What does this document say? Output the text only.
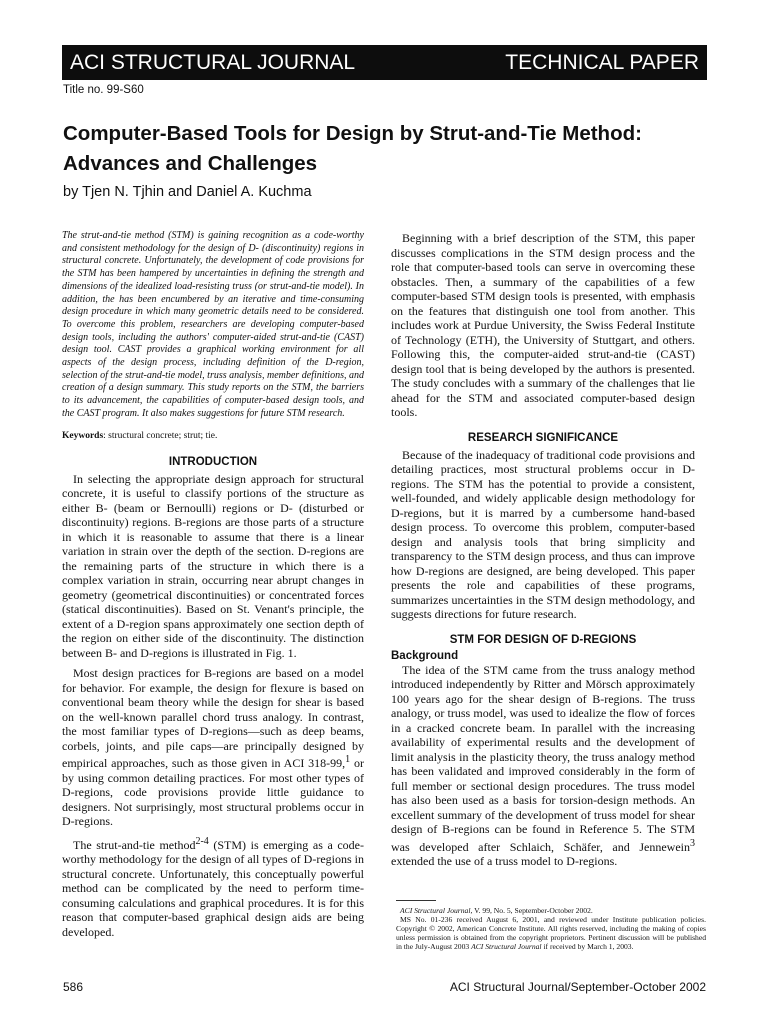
ACI STRUCTURAL JOURNAL	TECHNICAL PAPER
Title no. 99-S60
Computer-Based Tools for Design by Strut-and-Tie Method: Advances and Challenges
by Tjen N. Tjhin and Daniel A. Kuchma

The strut-and-tie method (STM) is gaining recognition as a code-worthy and consistent methodology for the design of D- (discontinuity) regions in structural concrete. Unfortunately, the development of code provisions for the STM has been hampered by uncertainties in defining the strength and dimensions of the idealized load-resisting truss (or strut-and-tie model). In addition, the has been encumbered by an iterative and time-consuming design procedure in which many geometric details need to be considered. To overcome this problem, researchers are developing computer-based design tools, including the authors' computer-aided strut-and-tie (CAST) design tool. CAST provides a graphical working environment for all aspects of the design process, including definition of the D-region, selection of the strut-and-tie model, truss analysis, member definitions, and creation of a design summary. This study reports on the STM, the barriers to its advancement, the capabilities of computer-based design tools, and the CAST program. It also makes suggestions for future STM research.

Keywords: structural concrete; strut; tie.

INTRODUCTION

In selecting the appropriate design approach for structural concrete, it is useful to classify portions of the structure as either B- (beam or Bernoulli) regions or D- (disturbed or discontinuity) regions. B-regions are those parts of a structure in which it is reasonable to assume that there is a linear variation in strain over the depth of the section. D-regions are the remaining parts of the structure in which there is a complex variation in strain, occurring near abrupt changes in geometry (geometrical discontinuities) or concentrated forces (statical discontinuities). Based on St. Venant's principle, the extent of a D-region spans approximately one section depth of the region on either side of the discontinuity. The distinction between B- and D-regions is illustrated in Fig. 1.

Most design practices for B-regions are based on a model for behavior. For example, the design for flexure is based on conventional beam theory while the design for shear is based on the well-known parallel chord truss analogy. In contrast, the most familiar types of D-regions—such as deep beams, corbels, joints, and pile caps—are principally designed by empirical approaches, such as those given in ACI 318-99,$^1$ or by using common detailing practices. For most other types of D-regions, code provisions provide little guidance to designers. Not surprisingly, most structural problems occur in D-regions.

The strut-and-tie method$^{2-4}$ (STM) is emerging as a code-worthy methodology for the design of all types of D-regions in structural concrete. Unfortunately, this conceptually powerful method can be complicated by the need to perform time-consuming calculations and graphical procedures. It is for this reason that computer-based graphical design aids are being developed.

Beginning with a brief description of the STM, this paper discusses complications in the STM design process and the role that computer-based tools can serve in overcoming these obstacles. Then, a summary of the capabilities of a few computer-based STM design tools is presented, with emphasis on the features that distinguish one tool from another. This includes work at Purdue University, the Swiss Federal Institute of Technology (ETH), the University of Stuttgart, and others. Following this, the computer-aided strut-and-tie (CAST) design tool that is being developed by the authors is presented. The study concludes with a summary of the challenges that lie ahead for the STM and associated computer-based design tools.

RESEARCH SIGNIFICANCE

Because of the inadequacy of traditional code provisions and detailing practices, most structural problems occur in D-regions. The STM has the potential to provide a consistent, well-founded, and widely applicable design methodology for D-regions, but it is marred by a cumbersome hand-based design process. To overcome this problem, computer-based design and analysis tools that bring simplicity and transparency to the STM design process, and thus can improve how D-regions are designed, are being developed. This paper presents the role and capabilities of these programs, summarizes uncertainties in the STM design methodology, and suggests directions for future research.

STM FOR DESIGN OF D-REGIONS
Background

The idea of the STM came from the truss analogy method introduced independently by Ritter and Mörsch approximately 100 years ago for the shear design of B-regions. The truss analogy, or truss model, was used to idealize the flow of forces in a cracked concrete beam. In parallel with the increasing availability of experimental results and the development of limit analysis in the plasticity theory, the truss analogy method has been validated and improved considerably in the form of full member or sectional design procedures. The truss model has also been used as a basis for torsion-design methods. An excellent summary of the development of truss model for shear design of B-regions can be found in Reference 5. The STM was developed after Schlaich, Schäfer, and Jennewein$^3$ extended the use of a truss model to D-regions.

ACI Structural Journal, V. 99, No. 5, September-October 2002.

MS No. 01-236 received August 6, 2001, and reviewed under Institute publication policies. Copyright © 2002, American Concrete Institute. All rights reserved, including the making of copies unless permission is obtained from the copyright proprietors. Pertinent discussion will be published in the July-August 2003 ACI Structural Journal if received by March 1, 2003.

586	ACI Structural Journal/September-October 2002
